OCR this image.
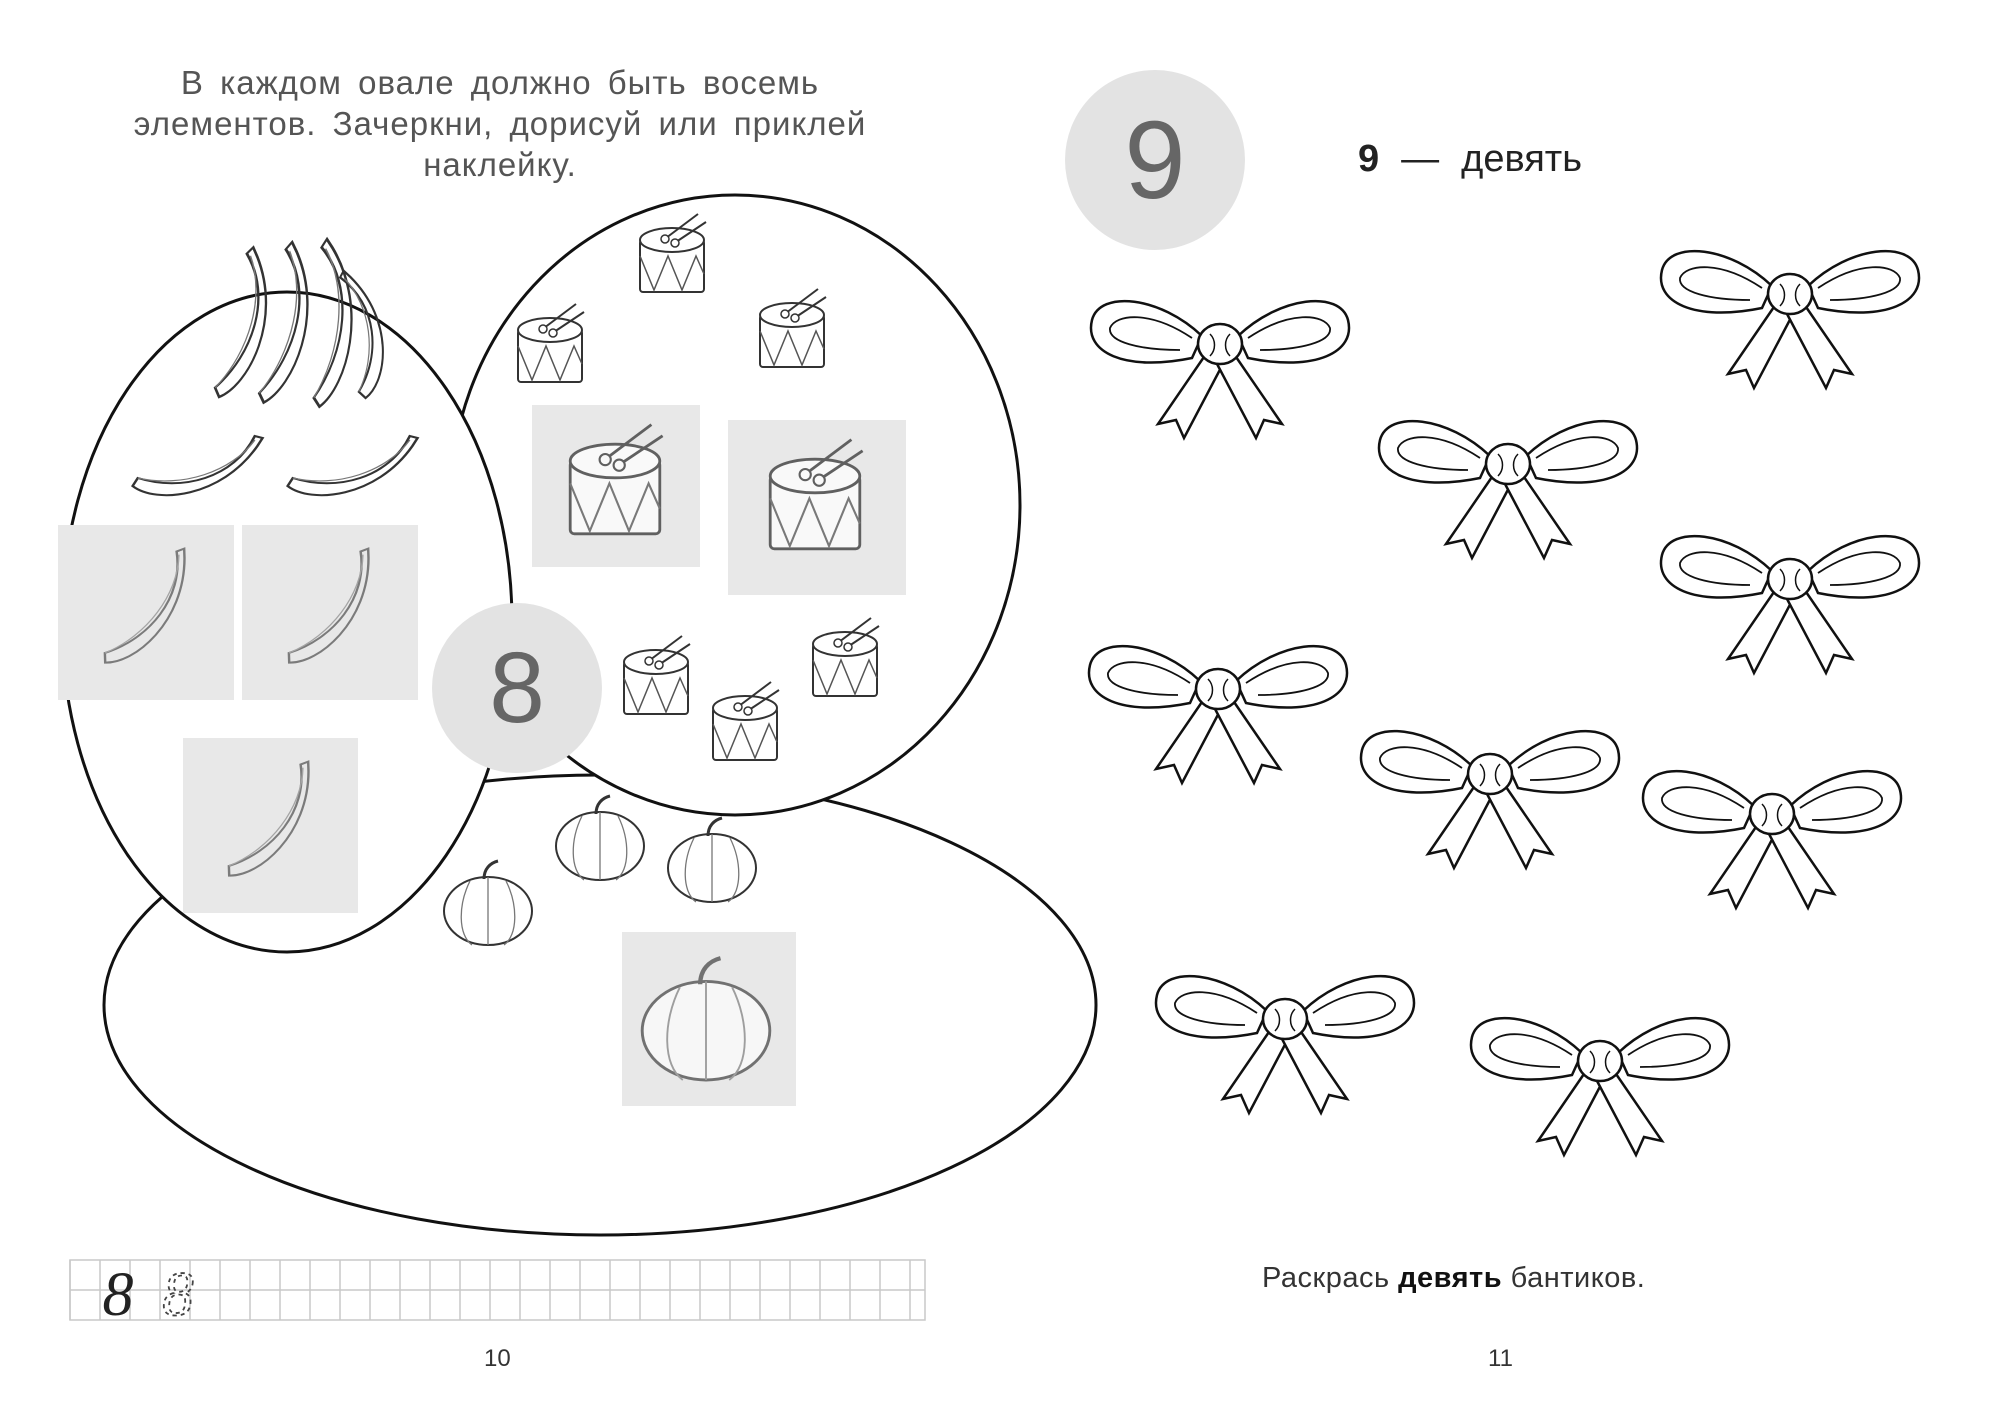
В каждом овале должно быть восемь элементов. Зачеркни, дорисуй или приклей наклейку.
10
9 — девять
Раскрась девять бантиков.
11
8
8 8
9
